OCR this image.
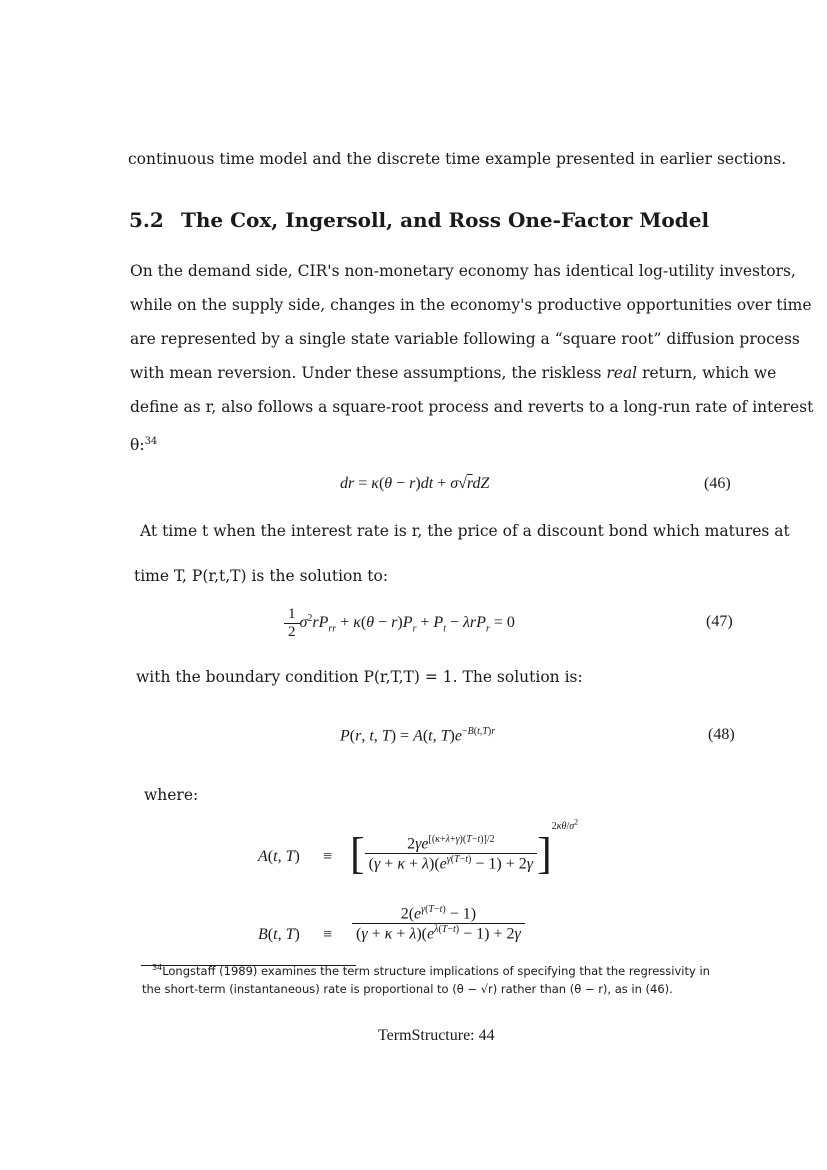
continuous time model and the discrete time example presented in earlier sections.
5.2 The Cox, Ingersoll, and Ross One-Factor Model
On the demand side, CIR's non-monetary economy has identical log-utility investors,
while on the supply side, changes in the economy's productive opportunities over time
are represented by a single state variable following a “square root” diffusion process
with mean reversion. Under these assumptions, the riskless real return, which we
define as r, also follows a square-root process and reverts to a long-run rate of interest
θ:$^{34}$
dr = κ(θ − r)dt + σ√rdZ	(46)
At time t when the interest rate is r, the price of a discount bond which matures at
time T, P(r,t,T) is the solution to:
$\frac{1}{2} \sigma^2rP_{rr} + \kappa(\theta - r)P_r + P_t - \lambda rP_r = 0$	(47)
with the boundary condition P(r,T,T) = 1. The solution is:
P(r, t, T) = A(t, $T)e^{-B(t,T)r}$	(48)
where:
A(t, T) ≡ [ $\frac{2\gamma e^{[(\kappa+\lambda+\gamma)(T-t)]/2}}{(\gamma + \kappa + \lambda)(e^{\gamma(T-t)} - 1) + 2\gamma} ]^{2\kappa\theta/\sigma^2}$
B(t, $T) \equiv \frac{2(e^{\gamma(T-t)} - 1)}{(\gamma + \kappa + \lambda)(e^{\lambda(T-t)} - 1) + 2\gamma}$
$^{34}$Longstaff (1989) examines the term structure implications of specifying that the regressivity in
the short-term (instantaneous) rate is proportional to (θ − √r) rather than (θ − r), as in (46).
TermStructure: 44
